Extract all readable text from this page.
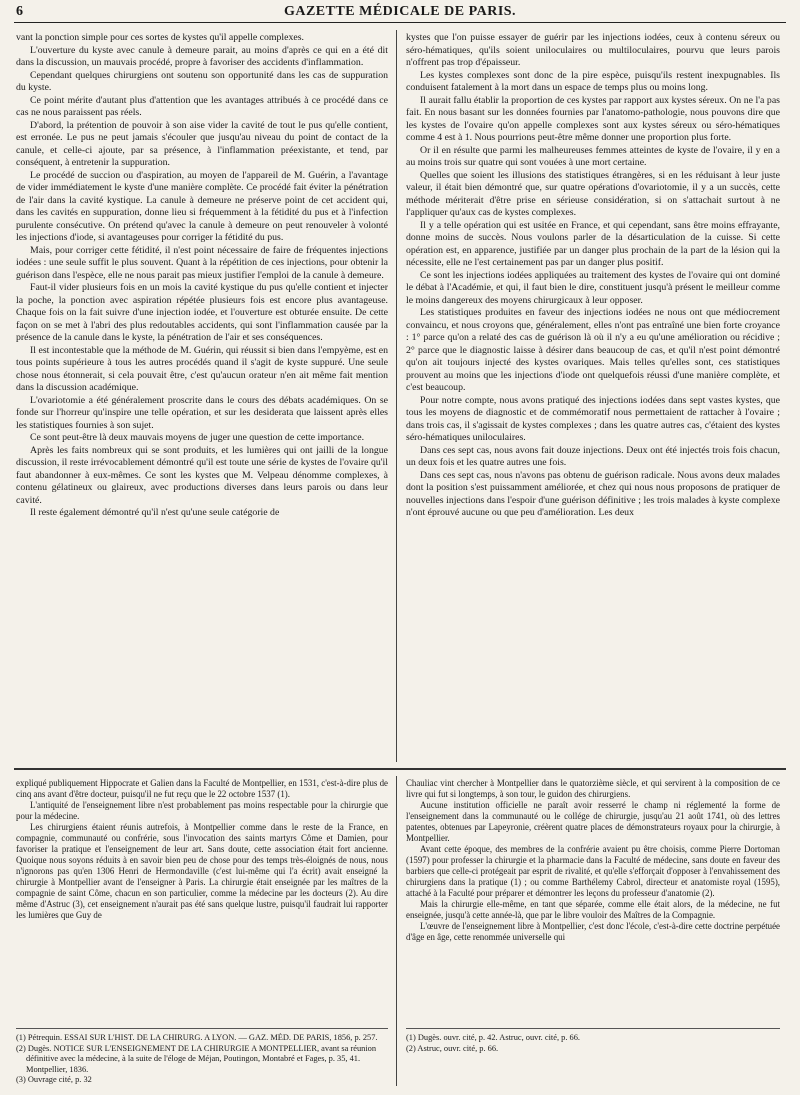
6	GAZETTE MÉDICALE DE PARIS.

vant la ponction simple pour ces sortes de kystes qu'il appelle complexes.

L'ouverture du kyste avec canule à demeure parait, au moins d'après ce qui en a été dit dans la discussion, un mauvais procédé, propre à favoriser des accidents d'inflammation.

Cependant quelques chirurgiens ont soutenu son opportunité dans les cas de suppuration du kyste.

Ce point mérite d'autant plus d'attention que les avantages attribués à ce procédé dans ce cas ne nous paraissent pas réels.

D'abord, la prétention de pouvoir à son aise vider la cavité de tout le pus qu'elle contient, est erronée. Le pus ne peut jamais s'écouler que jusqu'au niveau du point de contact de la canule, et celle-ci ajoute, par sa présence, à l'inflammation préexistante, et tend, par conséquent, à entretenir la suppuration.

Le procédé de succion ou d'aspiration, au moyen de l'appareil de M. Guérin, a l'avantage de vider immédiatement le kyste d'une manière complète. Ce procédé fait éviter la pénétration de l'air dans la cavité kystique. La canule à demeure ne préserve point de cet accident qui, dans les cavités en suppuration, donne lieu si fréquemment à la fétidité du pus et à l'infection purulente consécutive. On prétend qu'avec la canule à demeure on peut renouveler à volonté les injections d'iode, si avantageuses pour corriger la fétidité du pus.

Mais, pour corriger cette fétidité, il n'est point nécessaire de faire de fréquentes injections iodées : une seule suffit le plus souvent. Quant à la répétition de ces injections, pour obtenir la guérison dans l'espèce, elle ne nous parait pas mieux justifier l'emploi de la canule à demeure.

Faut-il vider plusieurs fois en un mois la cavité kystique du pus qu'elle contient et injecter la poche, la ponction avec aspiration répétée plusieurs fois est encore plus avantageuse. Chaque fois on la fait suivre d'une injection iodée, et l'ouverture est obturée ensuite. De cette façon on se met à l'abri des plus redoutables accidents, qui sont l'inflammation causée par la présence de la canule dans le kyste, la pénétration de l'air et ses conséquences.

Il est incontestable que la méthode de M. Guérin, qui réussit si bien dans l'empyème, est en tous points supérieure à tous les autres procédés quand il s'agit de kyste suppuré. Une seule chose nous étonnerait, si cela pouvait être, c'est qu'aucun orateur n'en ait même fait mention dans la discussion académique.

L'ovariotomie a été généralement proscrite dans le cours des débats académiques. On se fonde sur l'horreur qu'inspire une telle opération, et sur les desiderata que laissent après elles les statistiques fournies à son sujet.

Ce sont peut-être là deux mauvais moyens de juger une question de cette importance.

Après les faits nombreux qui se sont produits, et les lumières qui ont jailli de la longue discussion, il reste irrévocablement démontré qu'il est toute une série de kystes de l'ovaire qu'il faut abandonner à eux-mêmes. Ce sont les kystes que M. Velpeau dénomme complexes, à contenu gélatineux ou glaireux, avec productions diverses dans leurs parois ou dans leur cavité.

Il reste également démontré qu'il n'est qu'une seule catégorie de

kystes que l'on puisse essayer de guérir par les injections iodées, ceux à contenu séreux ou séro-hématiques, qu'ils soient uniloculaires ou multiloculaires, pourvu que leurs parois n'offrent pas trop d'épaisseur.

Les kystes complexes sont donc de la pire espèce, puisqu'ils restent inexpugnables. Ils conduisent fatalement à la mort dans un espace de temps plus ou moins long.

Il aurait fallu établir la proportion de ces kystes par rapport aux kystes séreux. On ne l'a pas fait. En nous basant sur les données fournies par l'anatomo-pathologie, nous pouvons dire que les kystes de l'ovaire qu'on appelle complexes sont aux kystes séreux ou séro-hématiques comme 4 est à 1. Nous pourrions peut-être même donner une proportion plus forte.

Or il en résulte que parmi les malheureuses femmes atteintes de kyste de l'ovaire, il y en a au moins trois sur quatre qui sont vouées à une mort certaine.

Quelles que soient les illusions des statistiques étrangères, si en les réduisant à leur juste valeur, il était bien démontré que, sur quatre opérations d'ovariotomie, il y a un succès, cette méthode mériterait d'être prise en sérieuse considération, si on s'attachait surtout à ne l'appliquer qu'aux cas de kystes complexes.

Il y a telle opération qui est usitée en France, et qui cependant, sans être moins effrayante, donne moins de succès. Nous voulons parler de la désarticulation de la cuisse. Si cette opération est, en apparence, justifiée par un danger plus prochain de la part de la lésion qui la nécessite, elle ne l'est certainement pas par un danger plus positif.

Ce sont les injections iodées appliquées au traitement des kystes de l'ovaire qui ont dominé le débat à l'Académie, et qui, il faut bien le dire, constituent jusqu'à présent le meilleur comme le moins dangereux des moyens chirurgicaux à leur opposer.

Les statistiques produites en faveur des injections iodées ne nous ont que médiocrement convaincu, et nous croyons que, généralement, elles n'ont pas entraîné une bien forte croyance : 1° parce qu'on a relaté des cas de guérison là où il n'y a eu qu'une amélioration ou récidive ; 2° parce que le diagnostic laisse à désirer dans beaucoup de cas, et qu'il n'est point démontré qu'on ait toujours injecté des kystes ovariques. Mais telles qu'elles sont, ces statistiques prouvent au moins que les injections d'iode ont quelquefois réussi d'une manière complète, et c'est beaucoup.

Pour notre compte, nous avons pratiqué des injections iodées dans sept vastes kystes, que tous les moyens de diagnostic et de commémoratif nous permettaient de rattacher à l'ovaire ; dans trois cas, il s'agissait de kystes complexes ; dans les quatre autres cas, c'étaient des kystes séro-hématiques uniloculaires.

Dans ces sept cas, nous avons fait douze injections. Deux ont été injectés trois fois chacun, un deux fois et les quatre autres une fois.

Dans ces sept cas, nous n'avons pas obtenu de guérison radicale. Nous avons deux malades dont la position s'est puissamment améliorée, et chez qui nous nous proposons de pratiquer de nouvelles injections dans l'espoir d'une guérison définitive ; les trois malades à kyste complexe n'ont éprouvé aucune ou que peu d'amélioration. Les deux

expliqué publiquement Hippocrate et Galien dans la Faculté de Montpellier, en 1531, c'est-à-dire plus de cinq ans avant d'être docteur, puisqu'il ne fut reçu que le 22 octobre 1537 (1).

L'antiquité de l'enseignement libre n'est probablement pas moins respectable pour la chirurgie que pour la médecine.

Les chirurgiens étaient réunis autrefois, à Montpellier comme dans le reste de la France, en compagnie, communauté ou confrérie, sous l'invocation des saints martyrs Côme et Damien, pour favoriser la pratique et l'enseignement de leur art. Sans doute, cette association était fort ancienne. Quoique nous soyons réduits à en savoir bien peu de chose pour des temps très-éloignés de nous, nous n'ignorons pas qu'en 1306 Henri de Hermondaville (c'est lui-même qui l'a écrit) avait enseigné la chirurgie à Montpellier avant de l'enseigner à Paris. La chirurgie était enseignée par les maîtres de la compagnie de saint Côme, chacun en son particulier, comme la médecine par les docteurs (2). Au dire même d'Astruc (3), cet enseignement n'aurait pas été sans quelque lustre, puisqu'il faudrait lui rapporter les lumières que Guy de

Chauliac vint chercher à Montpellier dans le quatorzième siècle, et qui servirent à la composition de ce livre qui fut si longtemps, à son tour, le guidon des chirurgiens.

Aucune institution officielle ne paraît avoir resserré le champ ni réglementé la forme de l'enseignement dans la communauté ou le collége de chirurgie, jusqu'au 21 août 1741, où des lettres patentes, obtenues par Lapeyronie, créèrent quatre places de démonstrateurs royaux pour la chirurgie, à Montpellier.

Avant cette époque, des membres de la confrérie avaient pu être choisis, comme Pierre Dortoman (1597) pour professer la chirurgie et la pharmacie dans la Faculté de médecine, sans doute en faveur des barbiers que celle-ci protégeait par esprit de rivalité, et qu'elle s'efforçait d'opposer à l'envahissement des chirurgiens dans la pratique (1) ; ou comme Barthélemy Cabrol, directeur et anatomiste royal (1595), attaché à la Faculté pour préparer et démontrer les leçons du professeur d'anatomie (2).

Mais la chirurgie elle-même, en tant que séparée, comme elle était alors, de la médecine, ne fut enseignée, jusqu'à cette année-là, que par le libre vouloir des Maîtres de la Compagnie.

L'œuvre de l'enseignement libre à Montpellier, c'est donc l'école, c'est-à-dire cette doctrine perpétuée d'âge en âge, cette renommée universelle qui

(1) Pétrequin. ESSAI SUR L'HIST. DE LA CHIRURG. A LYON. — GAZ. MÉD. DE PARIS, 1856, p. 257.

(2) Dugès. NOTICE SUR L'ENSEIGNEMENT DE LA CHIRURGIE A MONTPELLIER, avant sa réunion définitive avec la médecine, à la suite de l'éloge de Méjan, Poutingon, Montabré et Fages, p. 35, 41. Montpellier, 1836.

(3) Ouvrage cité, p. 32

(1) Dugès. ouvr. cité, p. 42. Astruc, ouvr. cité, p. 66.

(2) Astruc, ouvr. cité, p. 66.
